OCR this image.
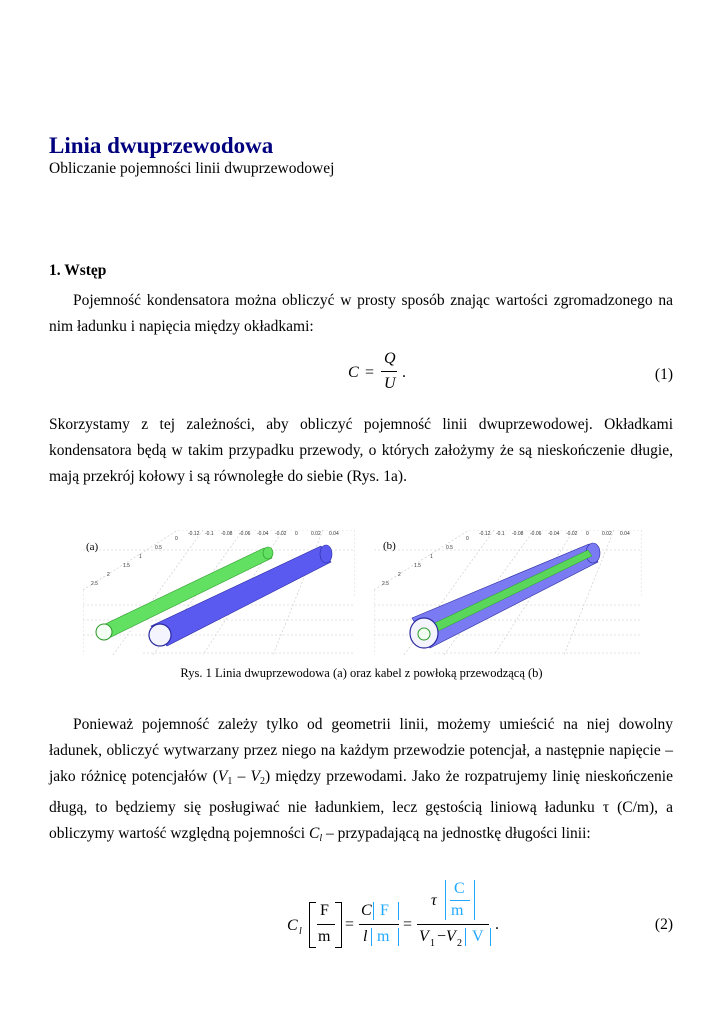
Linia dwuprzewodowa
Obliczanie pojemności linii dwuprzewodowej
1. Wstęp
Pojemność kondensatora można obliczyć w prosty sposób znając wartości zgromadzonego na nim ładunku i napięcia między okładkami:
C =
Q
U
.	(1)
Skorzystamy z tej zależności, aby obliczyć pojemność linii dwuprzewodowej. Okładkami kondensatora będą w takim przypadku przewody, o których założymy że są nieskończenie długie, mają przekrój kołowy i są równoległe do siebie (Rys. 1a).
0
-0.12 -0.1 -0.08 -0.06 -0.04 -0.02 0	0.02 0.04
0.5
1
1.5
2
2.5
(a)
0
-0.12 -0.1 -0.08 -0.06 -0.04 -0.02 0	0.02 0.04
0.5
1
1.5
2
2.5
(b)
Rys. 1 Linia dwuprzewodowa (a) oraz kabel z powłoką przewodzącą (b)
Ponieważ pojemność zależy tylko od geometrii linii, możemy umieścić na niej dowolny ładunek, obliczyć wytwarzany przez niego na każdym przewodzie potencjał, a następnie napięcie – jako różnicę potencjałów $(V_1 - V_2)$ między przewodami. Jako że rozpatrujemy linię nieskończenie długą, to będziemy się posługiwać nie ładunkiem, lecz gęstością liniową ładunku τ (C/m), a obliczymy wartość względną pojemności $C_l$ – przypadającą na jednostkę długości linii:
C l
F
m
=
C F
l m
=
τ
C
m
V 1 − V 2 V
.	(2)
